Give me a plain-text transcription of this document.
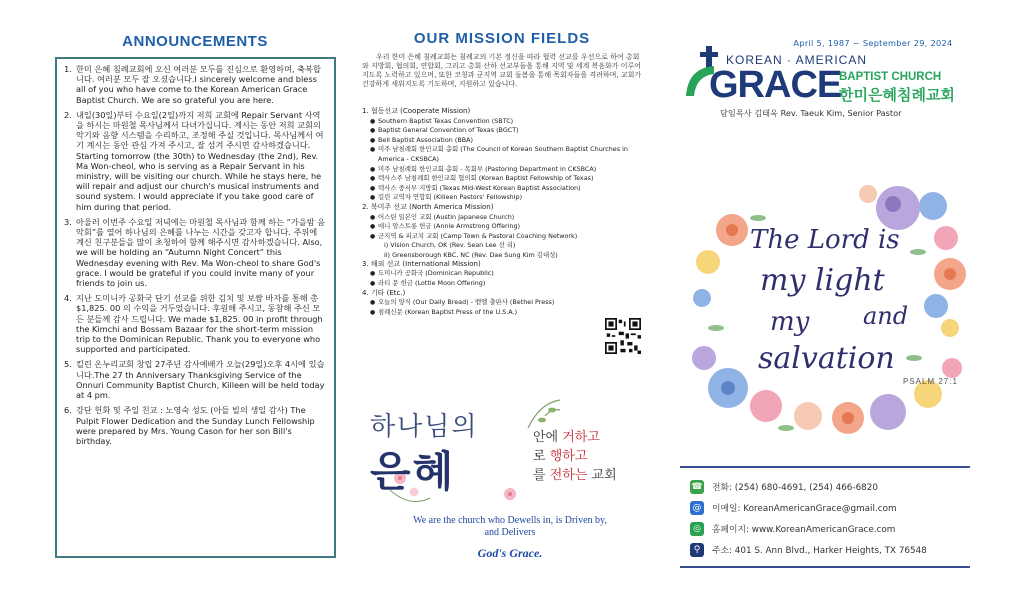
ANNOUNCEMENTS
1. 한미 은혜 침례교회에 오신 여러분 모두를 진심으로 환영하며, 축복합니다. 여러분 모두 잘 오셨습니다.I sincerely welcome and bless all of you who have come to the Korean American Grace Baptist Church. We are so grateful you are here.
2. 내일(30일)부터 수요일(2일)까지 저희 교회에 Repair Servant 사역을 하시는 마원철 목사님께서 다녀가십니다. 계시는 동안 저희 교회의 악기와 음향 시스템을 수리하고, 조정해 주실 것입니다. 목사님께서 여기 계시는 동안 관심 가져 주시고, 잘 섬겨 주시면 감사하겠습니다. Starting tomorrow (the 30th) to Wednesday (the 2nd), Rev. Ma Won-cheol, who is serving as a Repair Servant in his ministry, will be visiting our church. While he stays here, he will repair and adjust our church's musical instruments and sound system. I would appreciate if you take good care of him during that period.
3. 아울러 이번주 수요일 저녁에는 마원철 목사님과 함께 하는 “가을밤 음악회”를 열어 하나님의 은혜를 나누는 시간을 갖고자 합니다. 주위에 계신 친구분들을 많이 초청하여 함께 해주시면 감사하겠습니다. Also, we will be holding an “Autumn Night Concert” this Wednesday evening with Rev. Ma Won-cheol to share God's grace. I would be grateful if you could invite many of your friends to join us.
4. 지난 도미니카 공화국 단기 선교를 위한 김치 및 보쌈 바자를 통해 총 $1,825. 00 의 수익을 거두었습니다. 후원해 주시고, 동참해 주신 모든 분들께 감사 드립니다. We made $1,825. 00 in profit through the Kimchi and Bossam Bazaar for the short-term mission trip to the Dominican Republic. Thank you to everyone who supported and participated.
5. 킬린 온누리교회 창립 27주년 감사예배가 오늘(29일)오후 4시에 있습니다.The 27 th Anniversary Thanksgiving Service of the Onnuri Community Baptist Church, Killeen will be held today at 4 pm.
6. 강단 헌화 및 주일 친교 : 노영숙 성도 (아들 빌의 생일 감사) The Pulpit Flower Dedication and the Sunday Lunch Fellowship were prepared by Mrs. Young Cason for her son Bill's birthday.
OUR MISSION FIELDS
우리 한미 은혜 침례교회는 침례교의 기본 정신을 따라 협력 선교를 우선으로 하여 총회와 지방회, 협의회, 연합회, 그리고 총회 산하 선교부들을 통해 지역 및 세계 복음화가 이루어지도록 노력하고 있으며, 또한 코칭과 군지역 교회 돌봄을 통해 목회자들을 격려하며, 교회가 건강하게 세워지도록 기도하며, 지원하고 있습니다.
1. 협동선교 (Cooperate Mission)
● Southern Baptist Texas Convention (SBTC)
● Baptist General Convention of Texas (BGCT)
● Bell Baptist Association (BBA)
● 미주 남침례회 한인교회 총회 (The Council of Korean Southern Baptist Churches in America - CKSBCA)
● 미주 남침례회 한인교회 총회 - 목회부 (Pastoring Department in CKSBCA)
● 텍사스주 남침례회 한인교회 협의회 (Korean Baptist Fellowship of Texas)
● 텍사스 중서부 지방회 (Texas Mid-West Korean Baptist Association)
● 킬린 교역자 연합회 (Killeen Pastors' Fellowship)
2. 북미주 선교 (North America Mission)
● 어스틴 일본인 교회 (Austin Japanese Church)
● 애니 암스트롱 헌금 (Annie Armstrong Offering)
● 군지역 & 피코치 교회 (Camp Town & Pastoral Coaching Network)
i) Vision Church, OK (Rev. Sean Lee 선 리)
ii) Greensborough KBC, NC (Rev. Dae Sung Kim 김대성)
3. 해외 선교 (International Mission)
● 도미니카 공화국 (Dominican Republic)
● 라티 문 헌금 (Lottie Moon Offering)
4. 기타 (Etc.)
● 오늘의 양식 (Our Daily Bread) - 벧엘 출판사 (Bethel Press)
● 침례신문 (Korean Baptist Press of the U.S.A.)
하나님의
은혜
안에 거하고
로 행하고
를 전하는 교회
We are the church who Dewells in, is Driven by, and Delivers
God's Grace.
April 5, 1987 ~ September 29, 2024
KOREAN · AMERICAN
GRACE
BAPTIST CHURCH
한미은혜침례교회
담임목사 김태욱 Rev. Taeuk Kim, Senior Pastor
The Lord is
my light
and
my
salvation
PSALM 27:1
☎ 전화: (254) 680-4691, (254) 466-6820
@ 이메일: KoreanAmericanGrace@gmail.com
◎	홈페이지: www.KoreanAmericanGrace.com
⚲	주소: 401 S. Ann Blvd., Harker Heights, TX 76548
